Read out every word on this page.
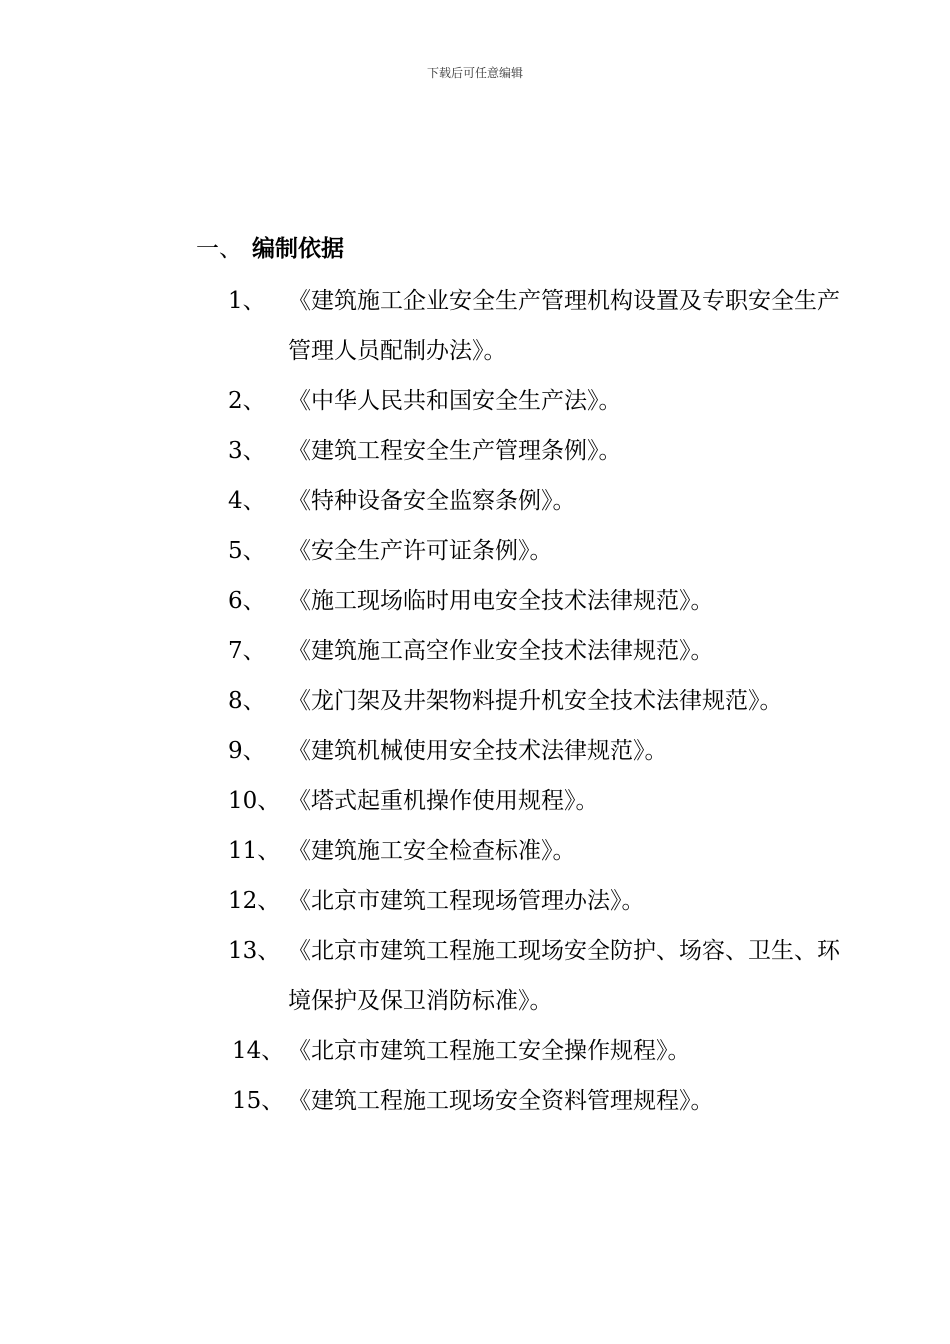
下载后可任意编辑
一、 编制依据
1、 《建筑施工企业安全生产管理机构设置及专职安全生产管理人员配制办法》。
2、 《中华人民共和国安全生产法》。
3、 《建筑工程安全生产管理条例》。
4、 《特种设备安全监察条例》。
5、 《安全生产许可证条例》。
6、 《施工现场临时用电安全技术法律规范》。
7、 《建筑施工高空作业安全技术法律规范》。
8、 《龙门架及井架物料提升机安全技术法律规范》。
9、 《建筑机械使用安全技术法律规范》。
10、 《塔式起重机操作使用规程》。
11、 《建筑施工安全检查标准》。
12、 《北京市建筑工程现场管理办法》。
13、 《北京市建筑工程施工现场安全防护、场容、卫生、环境保护及保卫消防标准》。
14、 《北京市建筑工程施工安全操作规程》。
15、 《建筑工程施工现场安全资料管理规程》。
